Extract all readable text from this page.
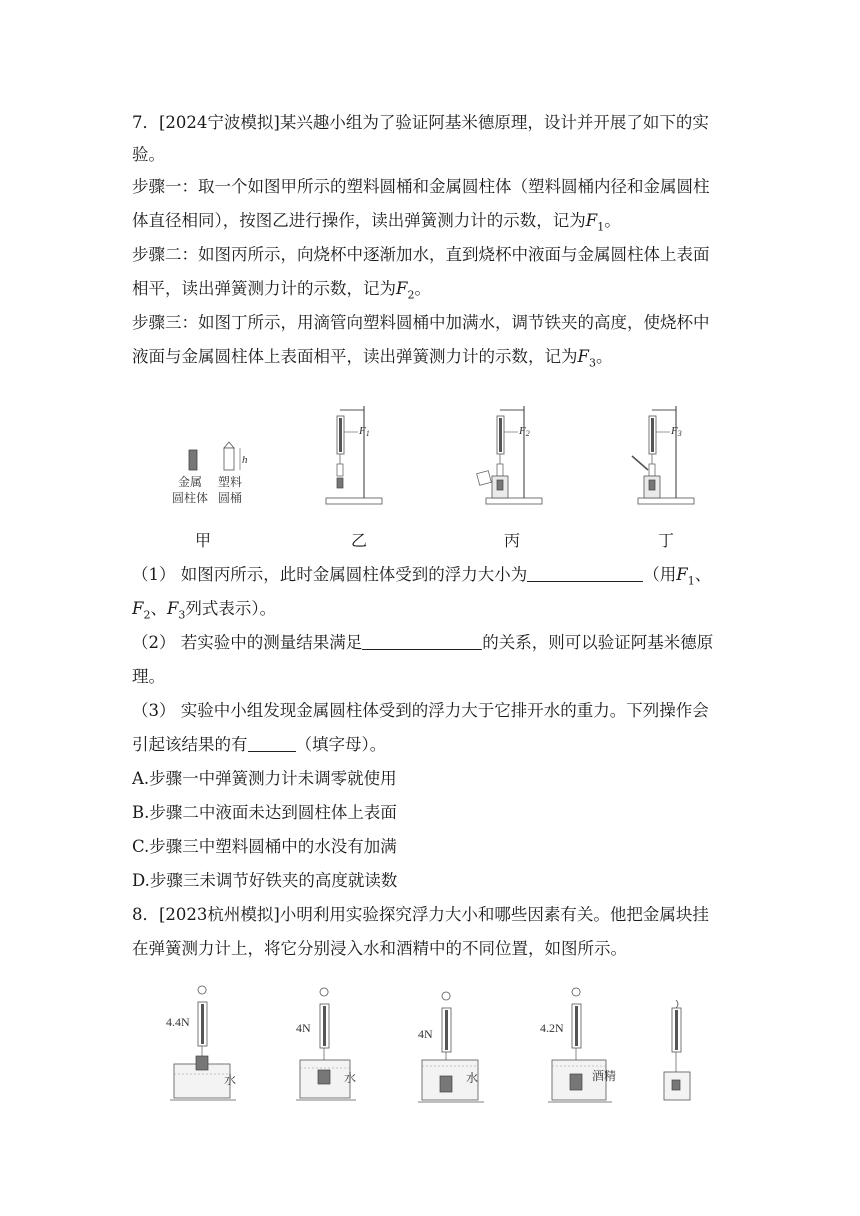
7．[2024宁波模拟]某兴趣小组为了验证阿基米德原理，设计并开展了如下的实
验。
步骤一：取一个如图甲所示的塑料圆桶和金属圆柱体（塑料圆桶内径和金属圆柱
体直径相同），按图乙进行操作，读出弹簧测力计的示数，记为$F_1$。
步骤二：如图丙所示，向烧杯中逐渐加水，直到烧杯中液面与金属圆柱体上表面
相平，读出弹簧测力计的示数，记为$F_2$。
步骤三：如图丁所示，用滴管向塑料圆桶中加满水，调节铁夹的高度，使烧杯中
液面与金属圆柱体上表面相平，读出弹簧测力计的示数，记为$F_3$。
h
金属
圆柱体
塑料
圆桶
F1	F2	F3
甲	乙	丙	丁
（1） 如图丙所示，此时金属圆柱体受到的浮力大小为	（用$F_1$、
$F_2$、$F_3$列式表示）。
（2） 若实验中的测量结果满足	的关系，则可以验证阿基米德原
理。
（3） 实验中小组发现金属圆柱体受到的浮力大于它排开水的重力。下列操作会
引起该结果的有	（填字母）。
A.步骤一中弹簧测力计未调零就使用
B.步骤二中液面未达到圆柱体上表面
C.步骤三中塑料圆桶中的水没有加满
D.步骤三未调节好铁夹的高度就读数
8．[2023杭州模拟]小明利用实验探究浮力大小和哪些因素有关。他把金属块挂
在弹簧测力计上，将它分别浸入水和酒精中的不同位置，如图所示。
4.4N
水
4N
水
4N
水
4.2N
酒精
